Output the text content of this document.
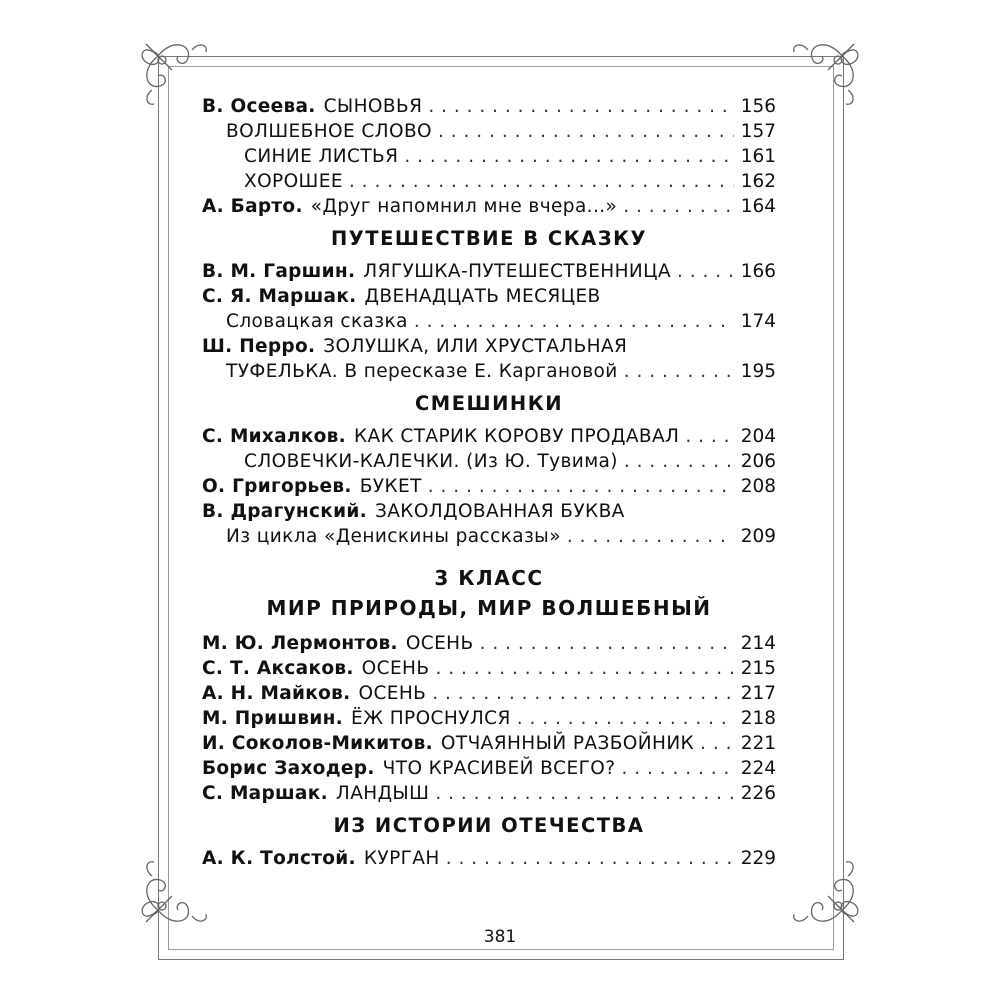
В. Осеева. СЫНОВЬЯ . . .	156
ВОЛШЕБНОЕ СЛОВО . . .	157
СИНИЕ ЛИСТЬЯ . . .	161
ХОРОШЕЕ . . .	162
А. Барто. «Друг напомнил мне вчера...» . . .	164
ПУТЕШЕСТВИЕ В СКАЗКУ
В. М. Гаршин. ЛЯГУШКА-ПУТЕШЕСТВЕННИЦА . . .	166
С. Я. Маршак. ДВЕНАДЦАТЬ МЕСЯЦЕВ
Словацкая сказка . . .	174
Ш. Перро. ЗОЛУШКА, ИЛИ ХРУСТАЛЬНАЯ
ТУФЕЛЬКА. В пересказе Е. Каргановой . . .	195
СМЕШИНКИ
С. Михалков. КАК СТАРИК КОРОВУ ПРОДАВАЛ . . .	204
СЛОВЕЧКИ-КАЛЕЧКИ. (Из Ю. Тувима) . . .	206
О. Григорьев. БУКЕТ . . .	208
В. Драгунский. ЗАКОЛДОВАННАЯ БУКВА
Из цикла «Денискины рассказы» . . .	209
3 КЛАСС
МИР ПРИРОДЫ, МИР ВОЛШЕБНЫЙ
М. Ю. Лермонтов. ОСЕНЬ . . .	214
С. Т. Аксаков. ОСЕНЬ . . .	215
А. Н. Майков. ОСЕНЬ . . .	217
М. Пришвин. ЁЖ ПРОСНУЛСЯ . . .	218
И. Соколов-Микитов. ОТЧАЯННЫЙ РАЗБОЙНИК . . .	221
Борис Заходер. ЧТО КРАСИВЕЙ ВСЕГО? . . .	224
С. Маршак. ЛАНДЫШ . . .	226
ИЗ ИСТОРИИ ОТЕЧЕСТВА
А. К. Толстой. КУРГАН . . .	229
381
